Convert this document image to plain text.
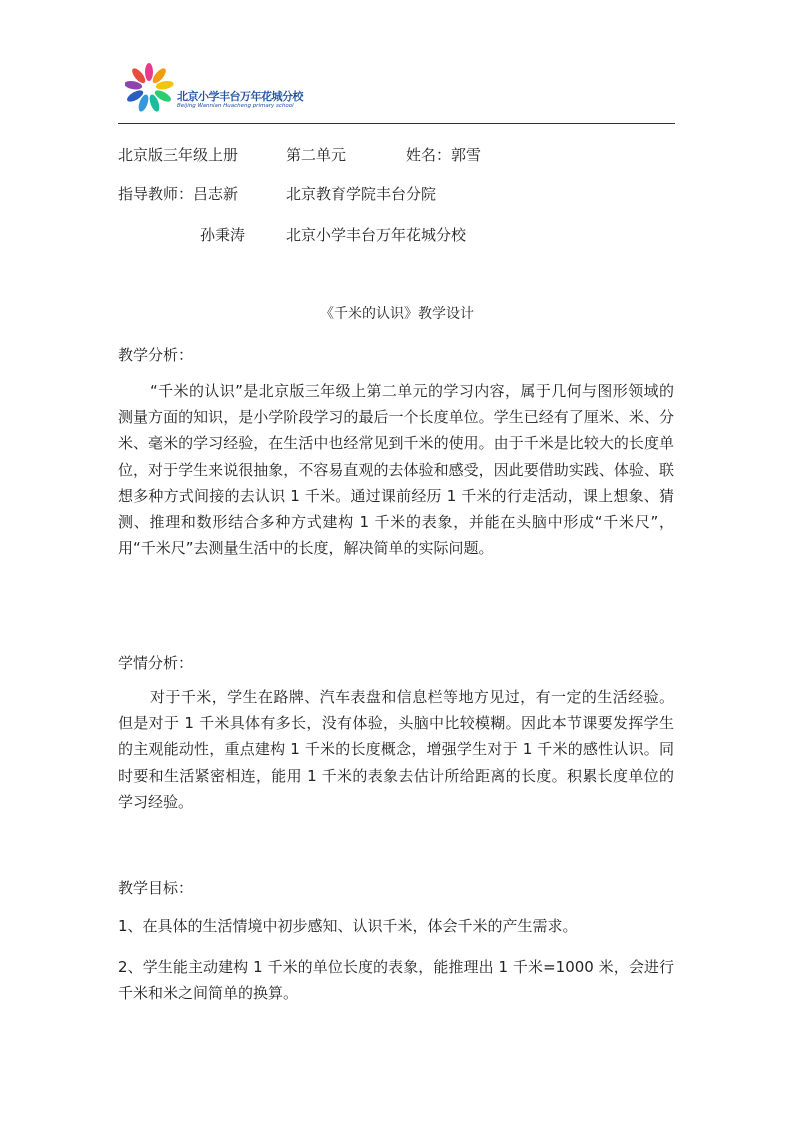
北京小学丰台万年花城分校
Beijing Wannian Huacheng primary school
北京版三年级上册	第二单元	姓名：郭雪
指导教师：吕志新	北京教育学院丰台分院
孙秉涛	北京小学丰台万年花城分校
《千米的认识》教学设计
教学分析：
“千米的认识”是北京版三年级上第二单元的学习内容，属于几何与图形领域的测量方面的知识，是小学阶段学习的最后一个长度单位。学生已经有了厘米、米、分米、毫米的学习经验，在生活中也经常见到千米的使用。由于千米是比较大的长度单位，对于学生来说很抽象，不容易直观的去体验和感受，因此要借助实践、体验、联想多种方式间接的去认识 1 千米。通过课前经历 1 千米的行走活动，课上想象、猜测、推理和数形结合多种方式建构 1 千米的表象，并能在头脑中形成“千米尺”，用“千米尺”去测量生活中的长度，解决简单的实际问题。
学情分析：
对于千米，学生在路牌、汽车表盘和信息栏等地方见过，有一定的生活经验。但是对于 1 千米具体有多长，没有体验，头脑中比较模糊。因此本节课要发挥学生的主观能动性，重点建构 1 千米的长度概念，增强学生对于 1 千米的感性认识。同时要和生活紧密相连，能用 1 千米的表象去估计所给距离的长度。积累长度单位的学习经验。
教学目标：
1、在具体的生活情境中初步感知、认识千米，体会千米的产生需求。
2、学生能主动建构 1 千米的单位长度的表象，能推理出 1 千米=1000 米，会进行千米和米之间简单的换算。
